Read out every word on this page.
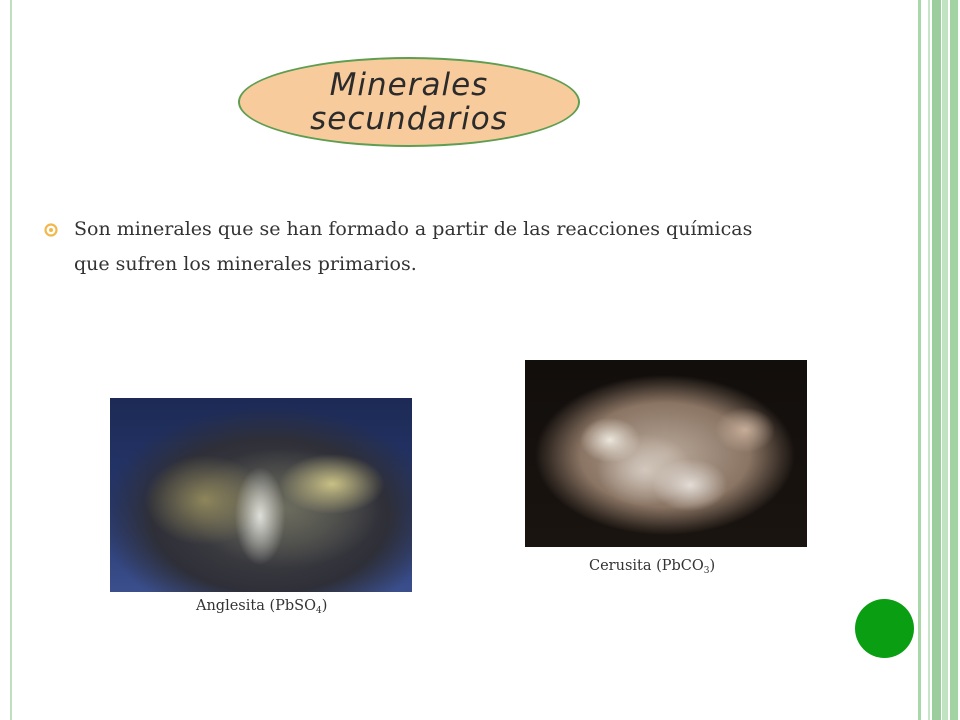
Minerales secundarios
Son minerales que se han formado a partir de las reacciones químicas que sufren los minerales primarios.
Cerusita (PbCO$_3$)
Anglesita (PbSO$_4$)
